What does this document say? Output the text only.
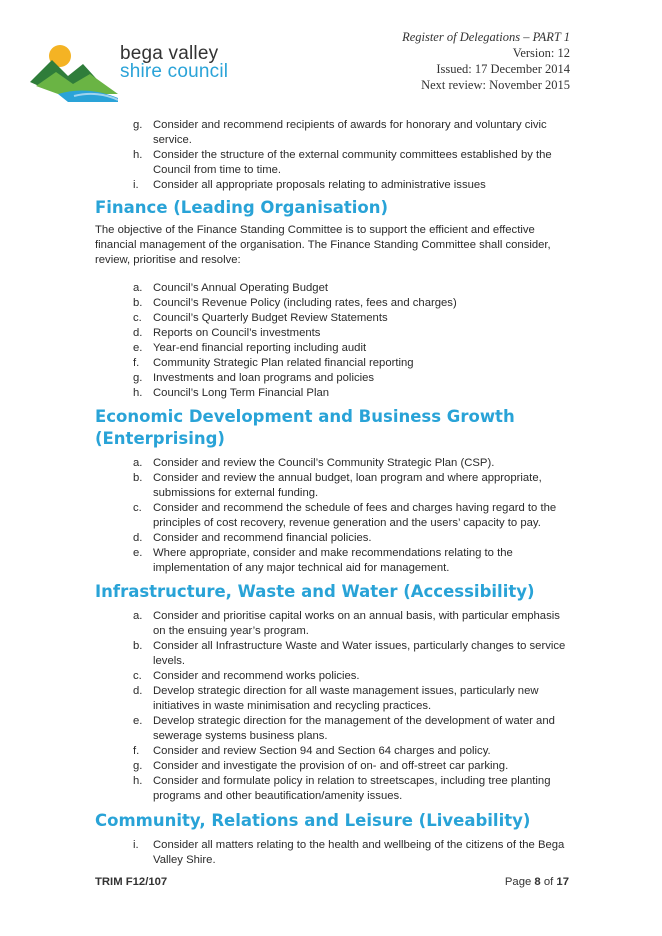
bega valley
shire council
Register of Delegations – PART 1
Version: 12
Issued: 17 December 2014
Next review: November 2015
g. Consider and recommend recipients of awards for honorary and voluntary civic service.
h. Consider the structure of the external community committees established by the Council from time to time.
i. Consider all appropriate proposals relating to administrative issues
Finance (Leading Organisation)

The objective of the Finance Standing Committee is to support the efficient and effective financial management of the organisation. The Finance Standing Committee shall consider, review, prioritise and resolve:

a. Council’s Annual Operating Budget
b. Council’s Revenue Policy (including rates, fees and charges)
c. Council’s Quarterly Budget Review Statements
d. Reports on Council’s investments
e. Year-end financial reporting including audit
f. Community Strategic Plan related financial reporting
g. Investments and loan programs and policies
h. Council’s Long Term Financial Plan
Economic Development and Business Growth (Enterprising)
a. Consider and review the Council’s Community Strategic Plan (CSP).
b. Consider and review the annual budget, loan program and where appropriate, submissions for external funding.
c. Consider and recommend the schedule of fees and charges having regard to the principles of cost recovery, revenue generation and the users’ capacity to pay.
d. Consider and recommend financial policies.
e. Where appropriate, consider and make recommendations relating to the implementation of any major technical aid for management.
Infrastructure, Waste and Water (Accessibility)
a. Consider and prioritise capital works on an annual basis, with particular emphasis on the ensuing year’s program.
b. Consider all Infrastructure Waste and Water issues, particularly changes to service levels.
c. Consider and recommend works policies.
d. Develop strategic direction for all waste management issues, particularly new initiatives in waste minimisation and recycling practices.
e. Develop strategic direction for the management of the development of water and sewerage systems business plans.
f. Consider and review Section 94 and Section 64 charges and policy.
g. Consider and investigate the provision of on- and off-street car parking.
h. Consider and formulate policy in relation to streetscapes, including tree planting programs and other beautification/amenity issues.
Community, Relations and Leisure (Liveability)
i. Consider all matters relating to the health and wellbeing of the citizens of the Bega Valley Shire.
TRIM F12/107	Page 8 of 17
